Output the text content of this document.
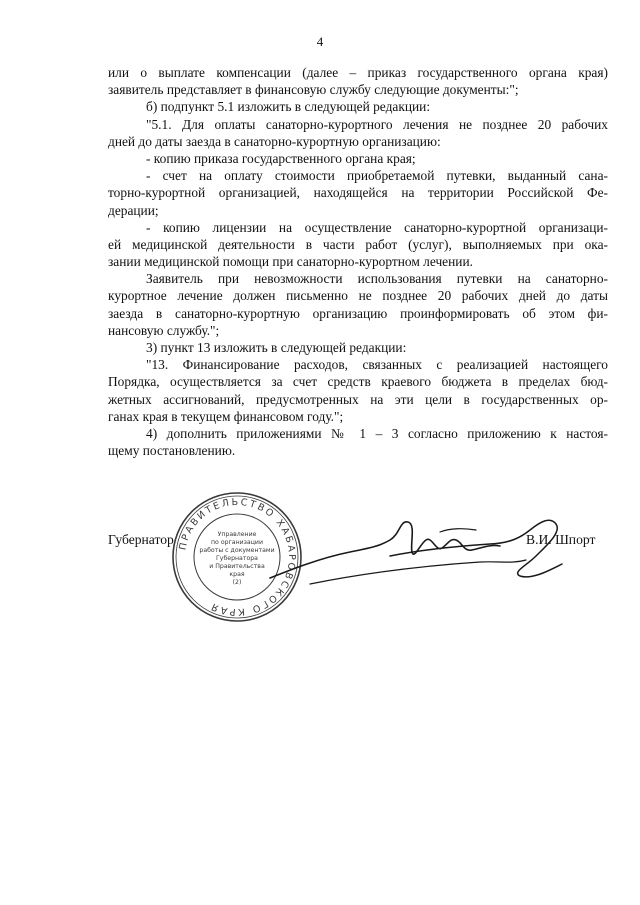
4
или о выплате компенсации (далее – приказ государственного органа края)
заявитель представляет в финансовую службу следующие документы:";
б) подпункт 5.1 изложить в следующей редакции:
"5.1. Для оплаты санаторно-курортного лечения не позднее 20 рабочих
дней до даты заезда в санаторно-курортную организацию:
- копию приказа государственного органа края;
- счет на оплату стоимости приобретаемой путевки, выданный сана-
торно-курортной организацией, находящейся на территории Российской Фе-
дерации;
- копию лицензии на осуществление санаторно-курортной организаци-
ей медицинской деятельности в части работ (услуг), выполняемых при ока-
зании медицинской помощи при санаторно-курортном лечении.
Заявитель при невозможности использования путевки на санаторно-
курортное лечение должен письменно не позднее 20 рабочих дней до даты
заезда в санаторно-курортную организацию проинформировать об этом фи-
нансовую службу.";
3) пункт 13 изложить в следующей редакции:
"13. Финансирование расходов, связанных с реализацией настоящего
Порядка, осуществляется за счет средств краевого бюджета в пределах бюд-
жетных ассигнований, предусмотренных на эти цели в государственных ор-
ганах края в текущем финансовом году.";
4) дополнить приложениями № 1 – 3 согласно приложению к настоя-
щему постановлению.
Губернатор ПРАВИТЕЛЬСТВО ХАБАРОВСКОГО КРАЯ
Управление
по организации
работы с документами
Губернатора
и Правительства
края
(2)
В.И. Шпорт
